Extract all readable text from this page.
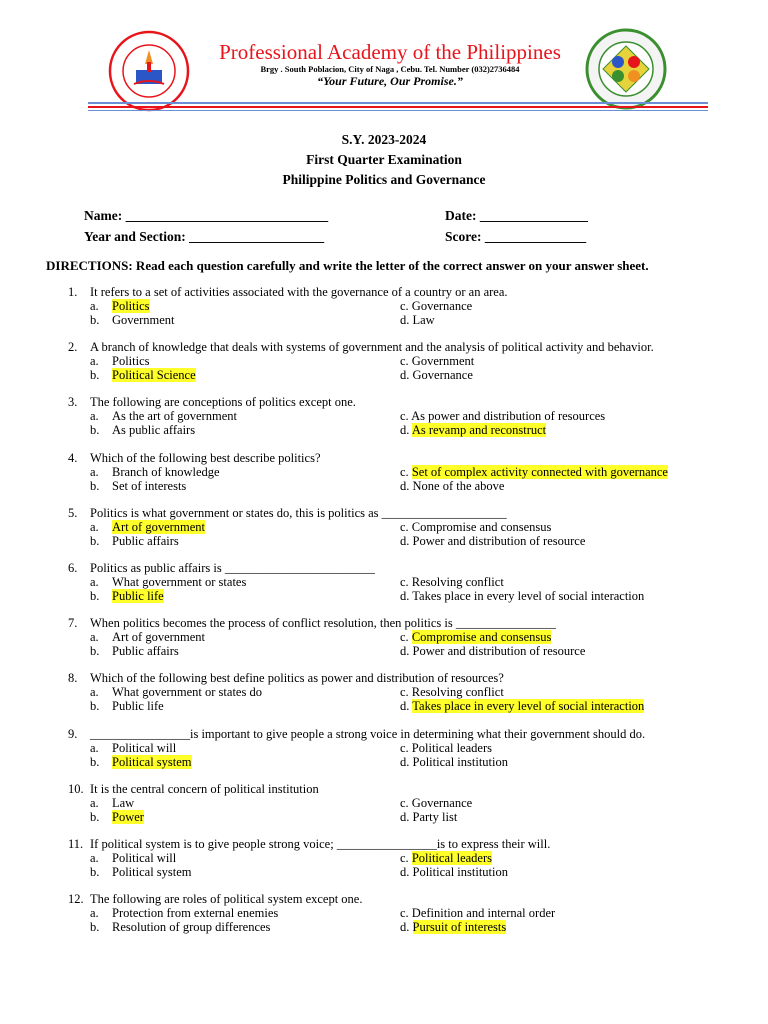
Professional Academy of the Philippines
Brgy . South Poblacion, City of Naga , Cebu. Tel. Number (032)2736484
“Your Future, Our Promise.”
S.Y. 2023-2024
First Quarter Examination
Philippine Politics and Governance
Name: ______________________________	Date: ________________
Year and Section: ____________________	Score: _______________
DIRECTIONS: Read each question carefully and write the letter of the correct answer on your answer sheet.
1. It refers to a set of activities associated with the governance of a country or an area.
a. Politics
b. Government
c. Governance
d. Law
2. A branch of knowledge that deals with systems of government and the analysis of political activity and behavior.
a. Politics
b. Political Science
c. Government
d. Governance
3. The following are conceptions of politics except one.
a. As the art of government
b. As public affairs
c. As power and distribution of resources
d. As revamp and reconstruct
4. Which of the following best describe politics?
a. Branch of knowledge
b. Set of interests
c. Set of complex activity connected with governance
d. None of the above
5. Politics is what government or states do, this is politics as ____________________
a. Art of government
b. Public affairs
c. Compromise and consensus
d. Power and distribution of resource
6. Politics as public affairs is ________________________
a. What government or states
b. Public life
c. Resolving conflict
d. Takes place in every level of social interaction
7. When politics becomes the process of conflict resolution, then politics is ________________
a. Art of government
b. Public affairs
c. Compromise and consensus
d. Power and distribution of resource
8. Which of the following best define politics as power and distribution of resources?
a. What government or states do
b. Public life
c. Resolving conflict
d. Takes place in every level of social interaction
9. ________________is important to give people a strong voice in determining what their government should do.
a. Political will
b. Political system
c. Political leaders
d. Political institution
10. It is the central concern of political institution
a. Law
b. Power
c. Governance
d. Party list
11. If political system is to give people strong voice; ________________is to express their will.
a. Political will
b. Political system
c. Political leaders
d. Political institution
12. The following are roles of political system except one.
a. Protection from external enemies
b. Resolution of group differences
c. Definition and internal order
d. Pursuit of interests
